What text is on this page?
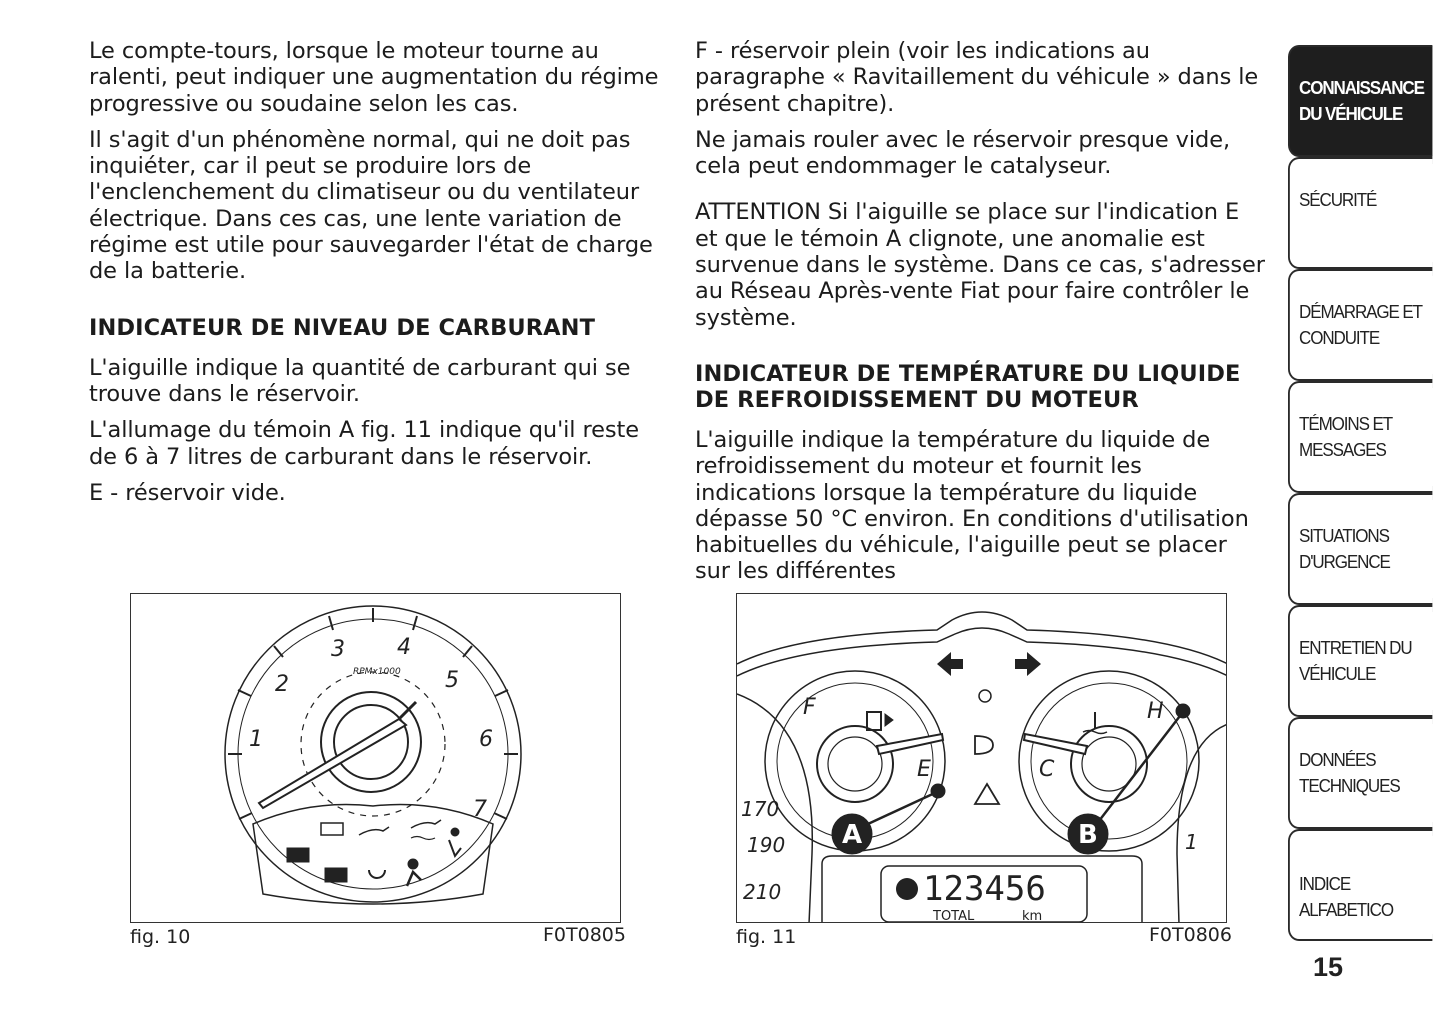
Le compte-tours, lorsque le moteur tourne au ralenti, peut indiquer une augmentation du régime progressive ou soudaine selon les cas.

Il s'agit d'un phénomène normal, qui ne doit pas inquiéter, car il peut se produire lors de l'enclenchement du climatiseur ou du ventilateur électrique. Dans ces cas, une lente variation de régime est utile pour sauvegarder l'état de charge de la batterie.

INDICATEUR DE NIVEAU DE CARBURANT

L'aiguille indique la quantité de carburant qui se trouve dans le réservoir.

L'allumage du témoin A fig. 11 indique qu'il reste de 6 à 7 litres de carburant dans le réservoir.

E - réservoir vide.

F - réservoir plein (voir les indications au paragraphe « Ravitaillement du véhicule » dans le présent chapitre).

Ne jamais rouler avec le réservoir presque vide, cela peut endommager le catalyseur.

ATTENTION Si l'aiguille se place sur l'indication E et que le témoin A clignote, une anomalie est survenue dans le système. Dans ce cas, s'adresser au Réseau Après-vente Fiat pour faire contrôler le système.

INDICATEUR DE TEMPÉRATURE DU LIQUIDE DE REFROIDISSEMENT DU MOTEUR

L'aiguille indique la température du liquide de refroidissement du moteur et fournit les indications lorsque la température du liquide dépasse 50 °C environ. En conditions d'utilisation habituelles du véhicule, l'aiguille peut se placer sur les différentes

1
2
3 4
5
6
7
RPMx1000
fig. 10	F0T0805
F
E	C
H
170
190
210
1
A	B
123456
TOTAL	km
fig. 11	F0T0806
CONNAISSANCE
DU VÉHICULE
SÉCURITÉ
DÉMARRAGE ET
CONDUITE
TÉMOINS ET
MESSAGES
SITUATIONS
D'URGENCE
ENTRETIEN DU
VÉHICULE
DONNÉES
TECHNIQUES
INDICE ALFABETICO
15
